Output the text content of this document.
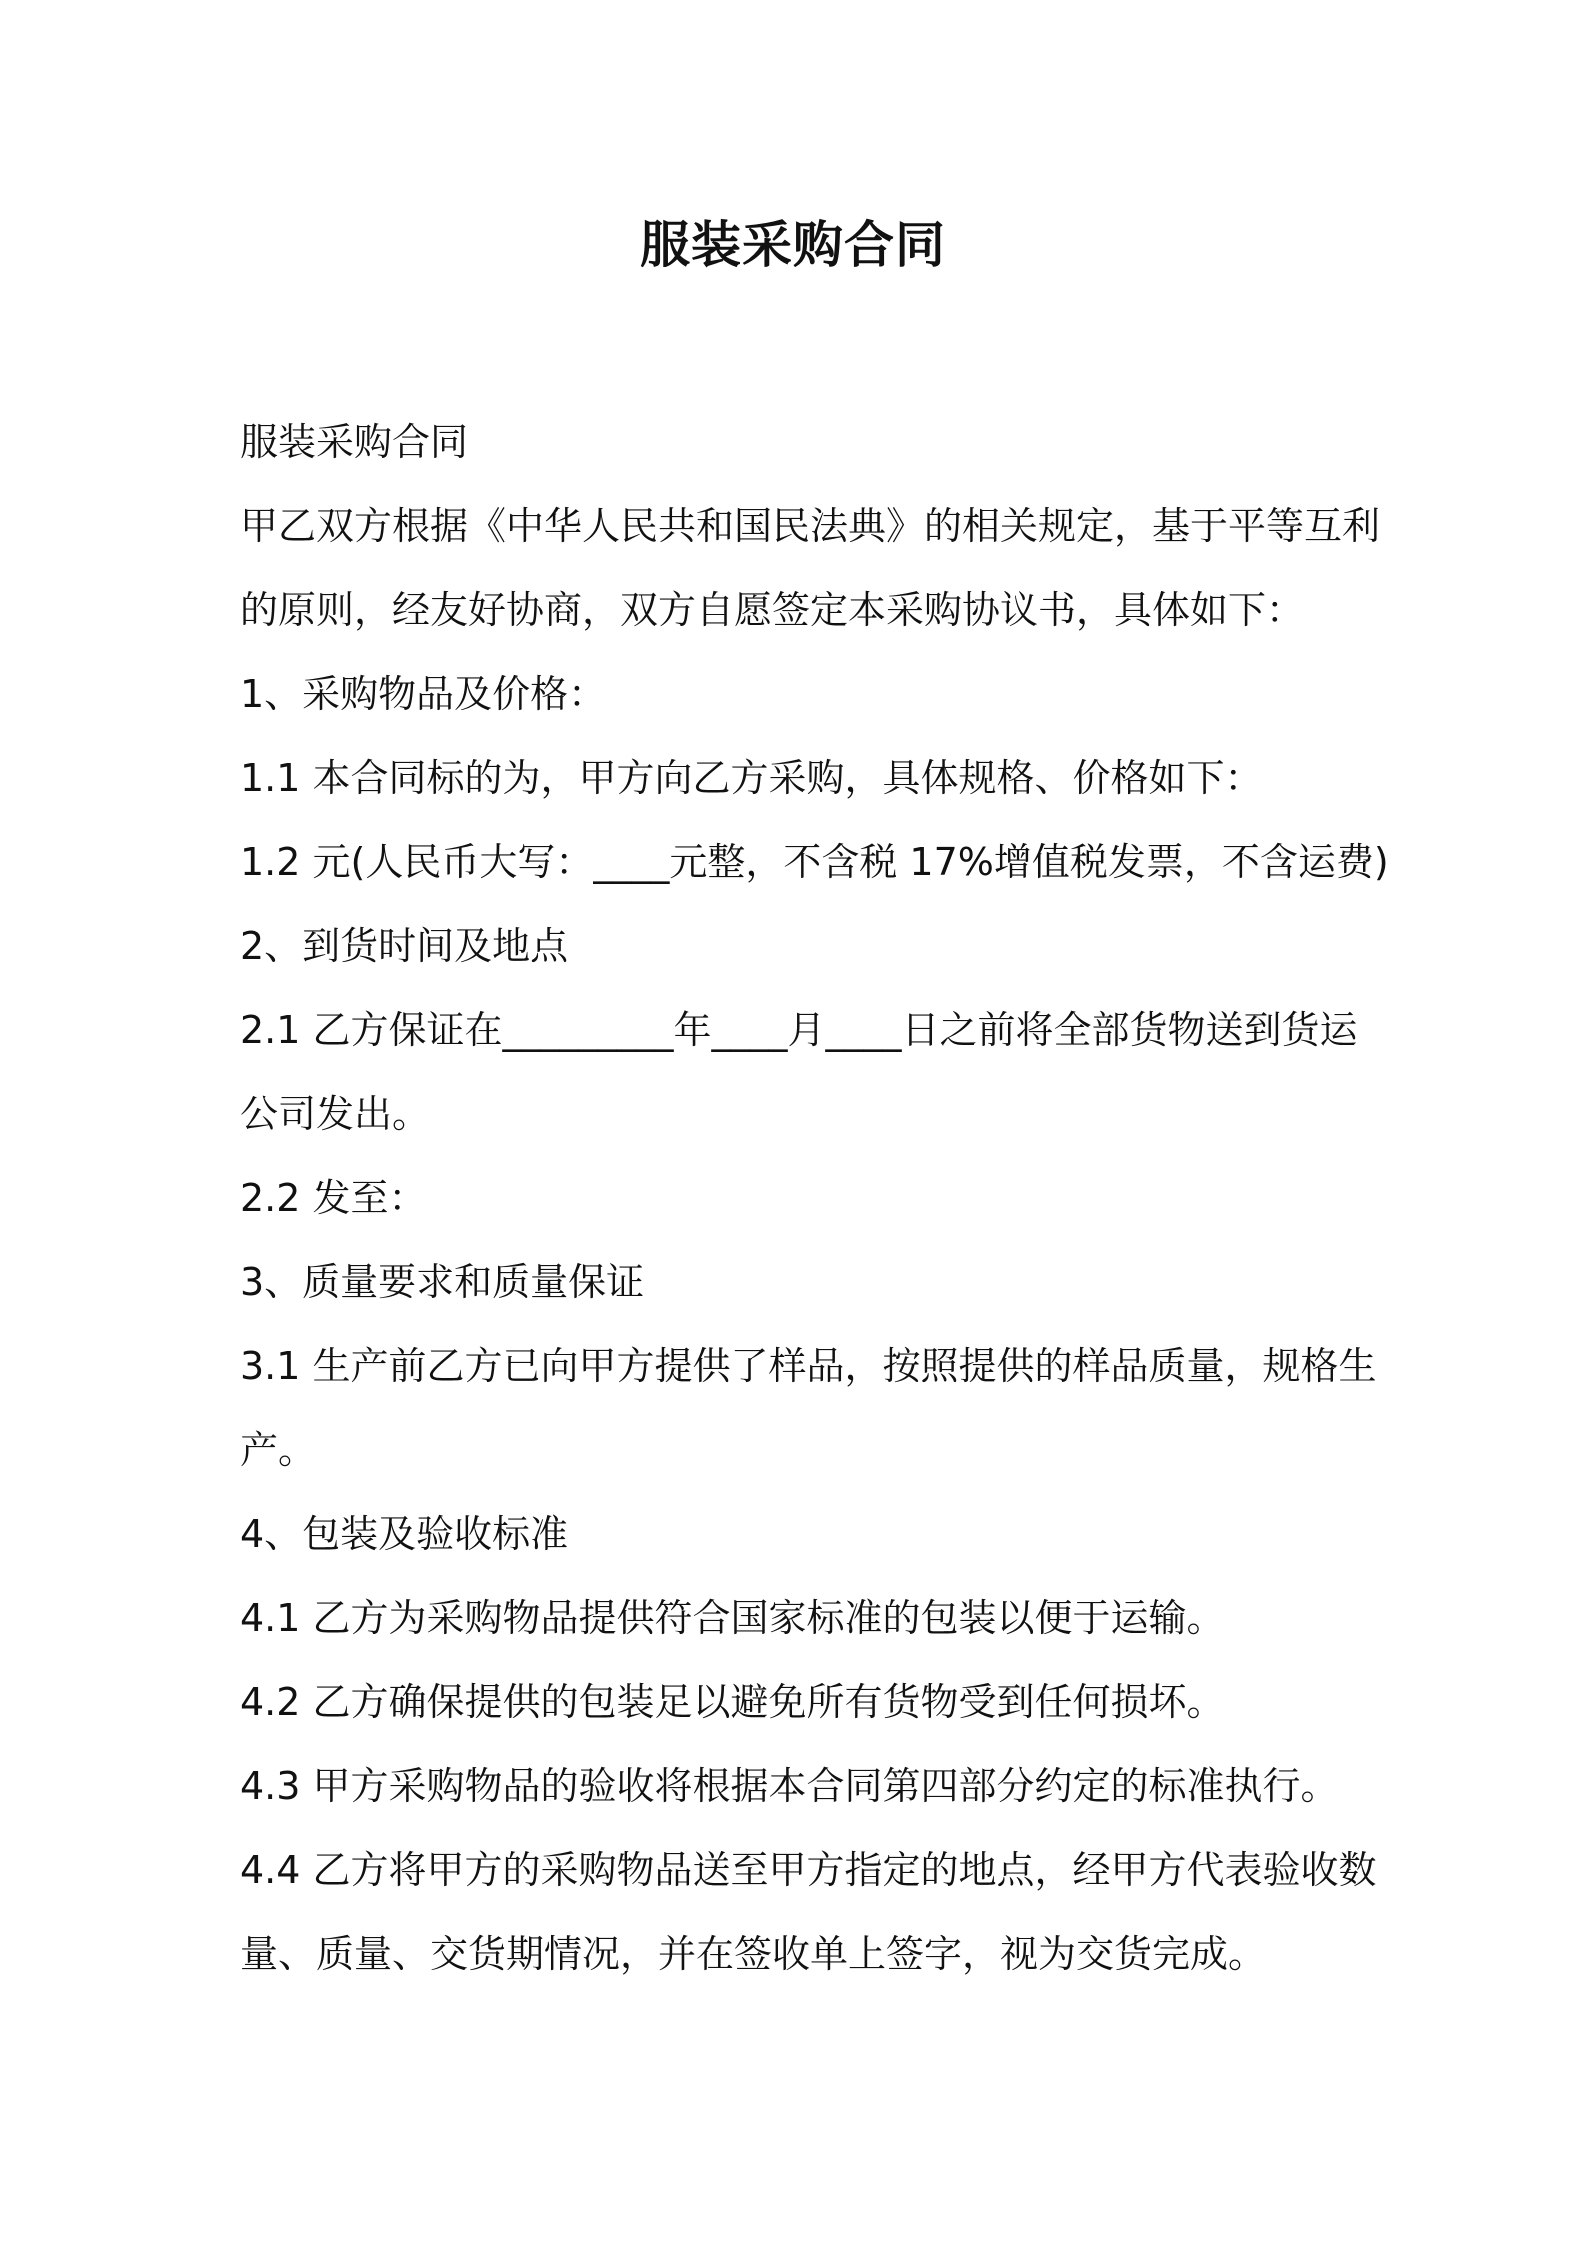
服装采购合同
服装采购合同
甲乙双方根据《中华人民共和国民法典》的相关规定，基于平等互利
的原则，经友好协商，双方自愿签定本采购协议书，具体如下：
1、采购物品及价格：
1.1 本合同标的为，甲方向乙方采购，具体规格、价格如下：
1.2 元(人民币大写：____元整，不含税 17%增值税发票，不含运费)
2、到货时间及地点
2.1 乙方保证在_________年____月____日之前将全部货物送到货运
公司发出。
2.2 发至：
3、质量要求和质量保证
3.1 生产前乙方已向甲方提供了样品，按照提供的样品质量，规格生
产。
4、包装及验收标准
4.1 乙方为采购物品提供符合国家标准的包装以便于运输。
4.2 乙方确保提供的包装足以避免所有货物受到任何损坏。
4.3 甲方采购物品的验收将根据本合同第四部分约定的标准执行。
4.4 乙方将甲方的采购物品送至甲方指定的地点，经甲方代表验收数
量、质量、交货期情况，并在签收单上签字，视为交货完成。
